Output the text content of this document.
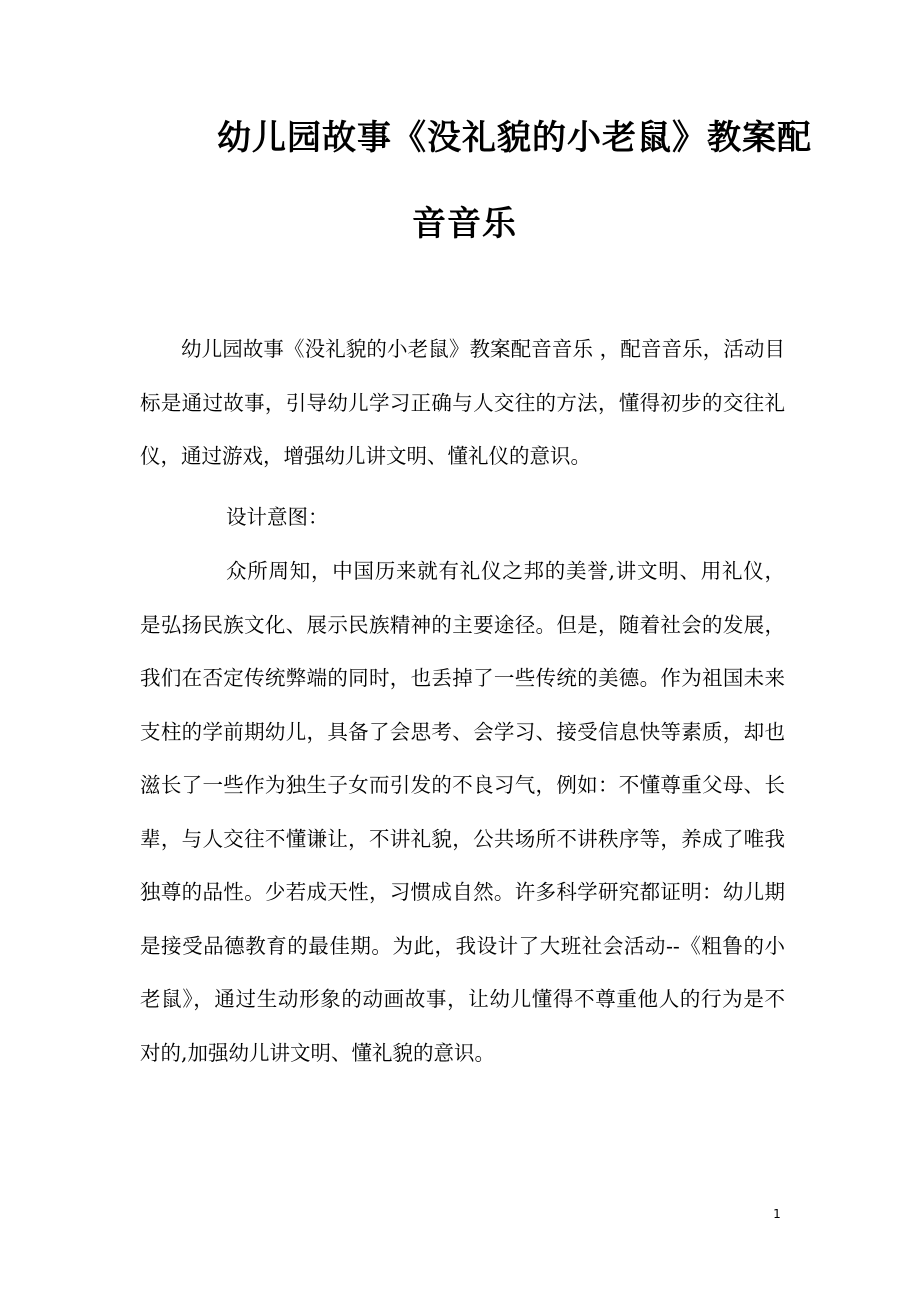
幼儿园故事《没礼貌的小老鼠》教案配
音音乐
幼儿园故事《没礼貌的小老鼠》教案配音音乐 ，配音音乐，活动目标是通过故事，引导幼儿学习正确与人交往的方法，懂得初步的交往礼仪，通过游戏，增强幼儿讲文明、懂礼仪的意识。
设计意图：
众所周知，中国历来就有礼仪之邦的美誉,讲文明、用礼仪，是弘扬民族文化、展示民族精神的主要途径。但是，随着社会的发展，我们在否定传统弊端的同时，也丢掉了一些传统的美德。作为祖国未来支柱的学前期幼儿，具备了会思考、会学习、接受信息快等素质，却也滋长了一些作为独生子女而引发的不良习气，例如：不懂尊重父母、长辈，与人交往不懂谦让，不讲礼貌，公共场所不讲秩序等，养成了唯我独尊的品性。少若成天性，习惯成自然。许多科学研究都证明：幼儿期是接受品德教育的最佳期。为此，我设计了大班社会活动--《粗鲁的小老鼠》，通过生动形象的动画故事，让幼儿懂得不尊重他人的行为是不对的,加强幼儿讲文明、懂礼貌的意识。
1
